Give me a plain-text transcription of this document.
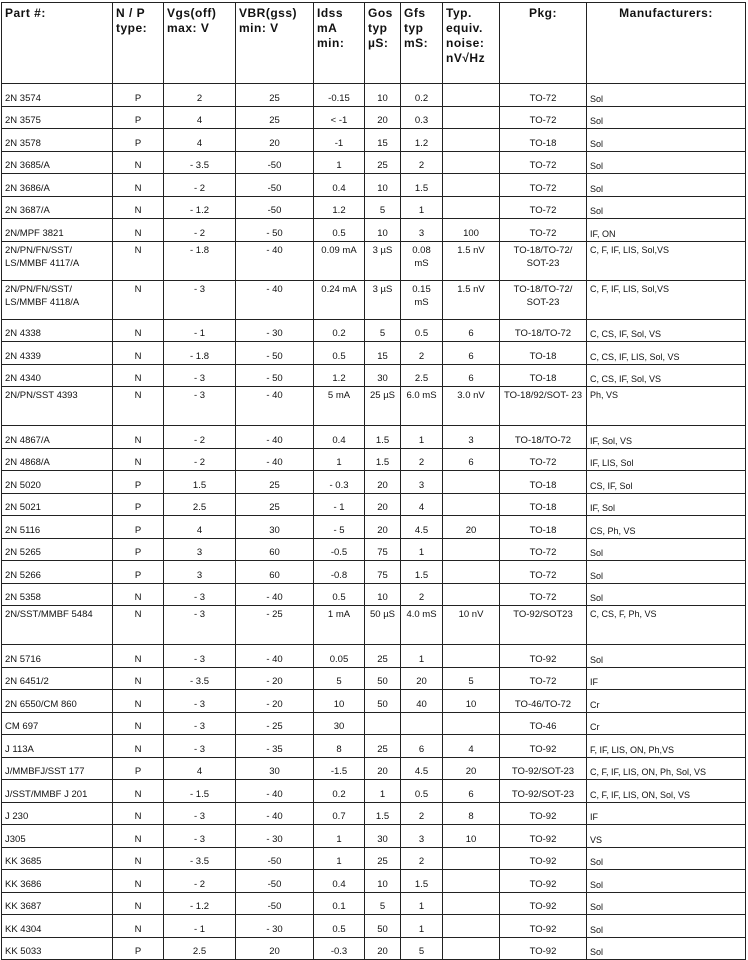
Part #:	N / P type:	Vgs(off) max: V	VBR(gss) min: V	Idss mA min:	Gos typ µS:	Gfs typ mS:	Typ. equiv. noise: nV√Hz	Pkg:	Manufacturers:
2N 3574	P	2	25	-0.15	10	0.2		TO-72	Sol
2N 3575	P	4	25	< -1	20	0.3		TO-72	Sol
2N 3578	P	4	20	-1	15	1.2		TO-18	Sol
2N 3685/A	N	- 3.5	-50	1	25	2		TO-72	Sol
2N 3686/A	N	- 2	-50	0.4	10	1.5		TO-72	Sol
2N 3687/A	N	- 1.2	-50	1.2	5	1		TO-72	Sol
2N/MPF 3821	N	- 2	- 50	0.5	10	3	100	TO-72	IF, ON
2N/PN/FN/SST/ LS/MMBF 4117/A	N	- 1.8	- 40	0.09 mA	3 µS	0.08 mS	1.5 nV	TO-18/TO-72/ SOT-23	C, F, IF, LIS, Sol,VS
2N/PN/FN/SST/ LS/MMBF 4118/A	N	- 3	- 40	0.24 mA	3 µS	0.15 mS	1.5 nV	TO-18/TO-72/ SOT-23	C, F, IF, LIS, Sol,VS
2N 4338	N	- 1	- 30	0.2	5	0.5	6	TO-18/TO-72	C, CS, IF, Sol, VS
2N 4339	N	- 1.8	- 50	0.5	15	2	6	TO-18	C, CS, IF, LIS, Sol, VS
2N 4340	N	- 3	- 50	1.2	30	2.5	6	TO-18	C, CS, IF, Sol, VS
2N/PN/SST 4393	N	- 3	- 40	5 mA	25 µS	6.0 mS	3.0 nV	TO-18/92/SOT- 23	Ph, VS
2N 4867/A	N	- 2	- 40	0.4	1.5	1	3	TO-18/TO-72	IF, Sol, VS
2N 4868/A	N	- 2	- 40	1	1.5	2	6	TO-72	IF, LIS, Sol
2N 5020	P	1.5	25	- 0.3	20	3		TO-18	CS, IF, Sol
2N 5021	P	2.5	25	- 1	20	4		TO-18	IF, Sol
2N 5116	P	4	30	- 5	20	4.5	20	TO-18	CS, Ph, VS
2N 5265	P	3	60	-0.5	75	1		TO-72	Sol
2N 5266	P	3	60	-0.8	75	1.5		TO-72	Sol
2N 5358	N	- 3	- 40	0.5	10	2		TO-72	Sol
2N/SST/MMBF 5484	N	- 3	- 25	1 mA	50 µS	4.0 mS	10 nV	TO-92/SOT23	C, CS, F, Ph, VS
2N 5716	N	- 3	- 40	0.05	25	1		TO-92	Sol
2N 6451/2	N	- 3.5	- 20	5	50	20	5	TO-72	IF
2N 6550/CM 860	N	- 3	- 20	10	50	40	10	TO-46/TO-72	Cr
CM 697	N	- 3	- 25	30				TO-46	Cr
J 113A	N	- 3	- 35	8	25	6	4	TO-92	F, IF, LIS, ON, Ph,VS
J/MMBFJ/SST 177	P	4	30	-1.5	20	4.5	20	TO-92/SOT-23	C, F, IF, LIS, ON, Ph, Sol, VS
J/SST/MMBF J 201	N	- 1.5	- 40	0.2	1	0.5	6	TO-92/SOT-23	C, F, IF, LIS, ON, Sol, VS
J 230	N	- 3	- 40	0.7	1.5	2	8	TO-92	IF
J305	N	- 3	- 30	1	30	3	10	TO-92	VS
KK 3685	N	- 3.5	-50	1	25	2		TO-92	Sol
KK 3686	N	- 2	-50	0.4	10	1.5		TO-92	Sol
KK 3687	N	- 1.2	-50	0.1	5	1		TO-92	Sol
KK 4304	N	- 1	- 30	0.5	50	1		TO-92	Sol
KK 5033	P	2.5	20	-0.3	20	5		TO-92	Sol
